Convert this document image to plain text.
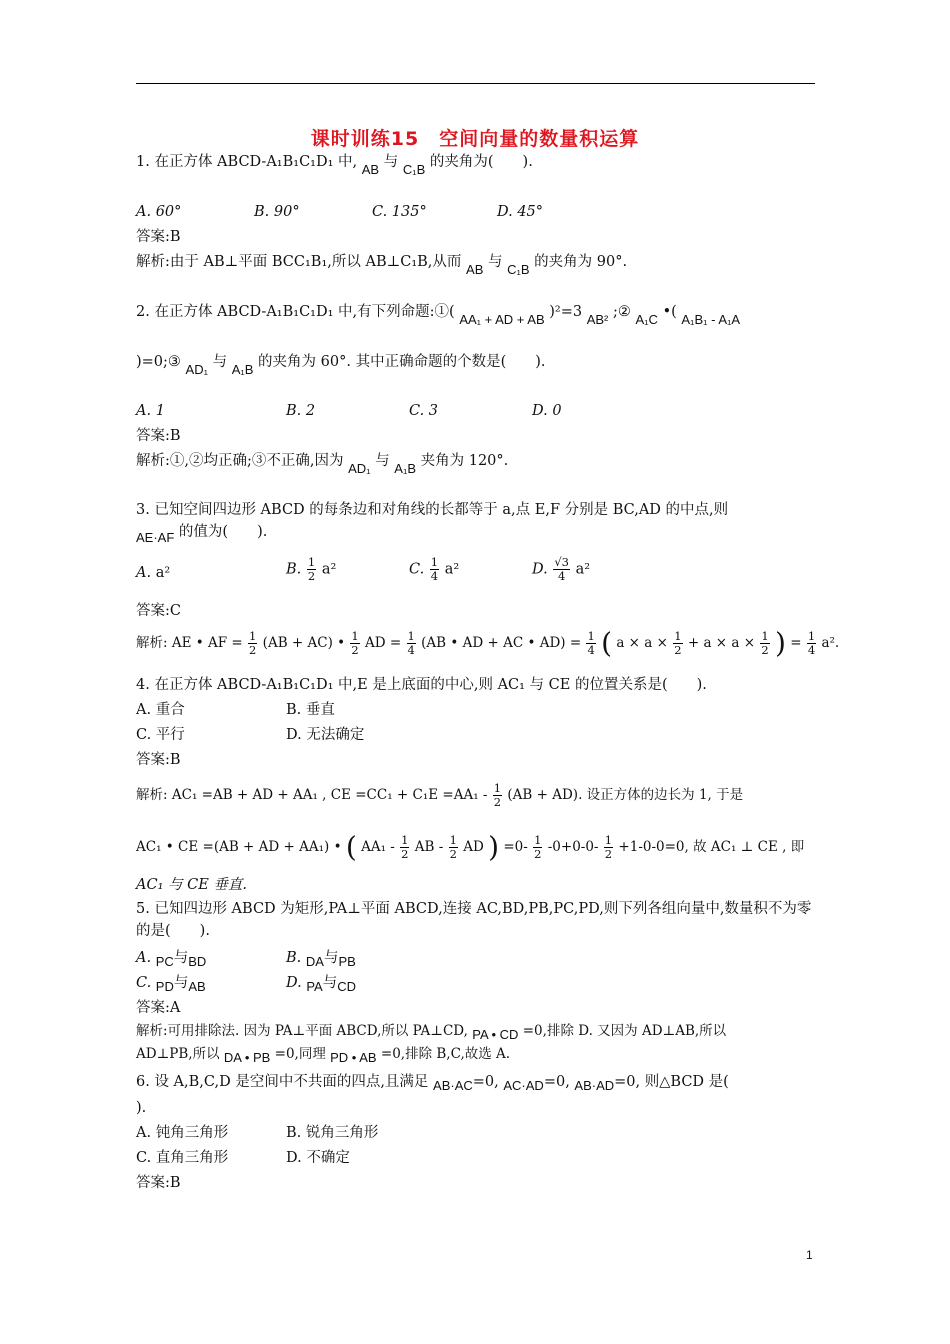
课时训练15　空间向量的数量积运算
1. 在正方体 ABCD-A₁B₁C₁D₁ 中, AB 与 C₁B 的夹角为(　　).
A. 60°	B. 90°	C. 135°	D. 45°
答案:B
解析:由于 AB⊥平面 BCC₁B₁,所以 AB⊥C₁B,从而 AB 与 C₁B 的夹角为 90°.
2. 在正方体 ABCD-A₁B₁C₁D₁ 中,有下列命题:①( AA₁ + AD + AB )²=3 AB² ;② A₁C •( A₁B₁ - A₁A
)=0;③ AD₁ 与 A₁B 的夹角为 60°. 其中正确命题的个数是(　　).
A. 1	B. 2	C. 3	D. 0
答案:B
解析:①,②均正确;③不正确,因为 AD₁ 与 A₁B 夹角为 120°.
3. 已知空间四边形 ABCD 的每条边和对角线的长都等于 a,点 E,F 分别是 BC,AD 的中点,则
AE·AF 的值为(　　).
A. a²	B. $\frac{1}{2} a^2$	C. $\frac{1}{4} a^2$	D. $\frac{√3}{4} a^2$
答案:C
解析: AE • AF = $\frac{1}{2} (AB + AC)$ • $\frac{1}{2}$ AD = $\frac{1}{4} (AB$ • AD + AC • $AD) = \frac{1}{4}$ ( $a \times a \times \frac{1}{2} + a \times a \times \frac{1}{2}$ ) = $\frac{1}{4} a^2$.
4. 在正方体 ABCD-A₁B₁C₁D₁ 中,E 是上底面的中心,则 AC₁ 与 CE 的位置关系是(　　).
A. 重合	B. 垂直
C. 平行	D. 无法确定
答案:B
解析: AC₁ =AB + AD + AA₁ , CE $=CC_1 + C_1E =AA_1 - \frac{1}{2} (AB + AD)$. 设正方体的边长为 1, 于是
AC₁ • CE =(AB + AD + AA₁) • ( $AA_1 - \frac{1}{2}$ AB - $\frac{1}{2}$ AD ) $=0- \frac{1}{2} -0+0-0- \frac{1}{2} +1-0-0=0$, 故 AC₁ ⊥ CE , 即
AC₁ 与 CE 垂直.
5. 已知四边形 ABCD 为矩形,PA⊥平面 ABCD,连接 AC,BD,PB,PC,PD,则下列各组向量中,数量积不为零的是(　　).
A. PC与BD	B. DA与PB
C. PD与AB	D. PA与CD
答案:A
解析:可用排除法. 因为 PA⊥平面 ABCD,所以 PA⊥CD, PA • CD =0,排除 D. 又因为 AD⊥AB,所以
AD⊥PB,所以 DA • PB =0,同理 PD • AB =0,排除 B,C,故选 A.
6. 设 A,B,C,D 是空间中不共面的四点,且满足 AB·AC=0, AC·AD=0, AB·AD=0, 则△BCD 是(
).
A. 钝角三角形	B. 锐角三角形
C. 直角三角形	D. 不确定
答案:B
1
